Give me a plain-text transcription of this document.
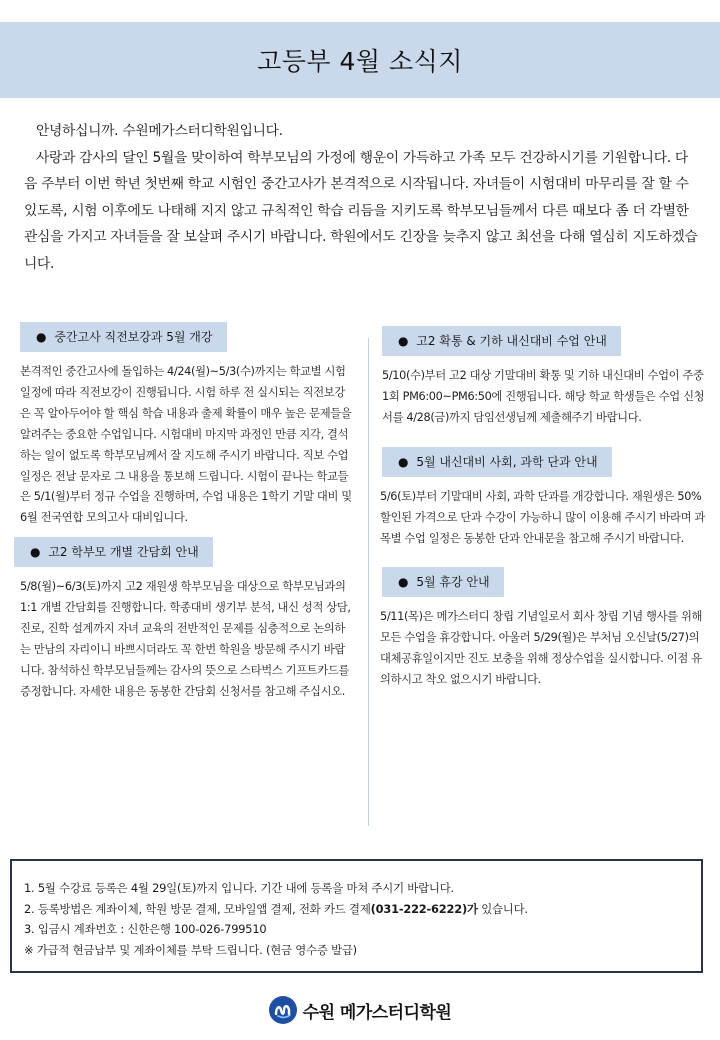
고등부 4월 소식지

안녕하십니까. 수원메가스터디학원입니다.

사랑과 감사의 달인 5월을 맞이하여 학부모님의 가정에 행운이 가득하고 가족 모두 건강하시기를 기원합니다. 다음 주부터 이번 학년 첫번째 학교 시험인 중간고사가 본격적으로 시작됩니다. 자녀들이 시험대비 마무리를 잘 할 수 있도록, 시험 이후에도 나태해 지지 않고 규칙적인 학습 리듬을 지키도록 학부모님들께서 다른 때보다 좀 더 각별한 관심을 가지고 자녀들을 잘 보살펴 주시기 바랍니다. 학원에서도 긴장을 늦추지 않고 최선을 다해 열심히 지도하겠습니다.

● 중간고사 직전보강과 5월 개강

본격적인 중간고사에 돌입하는 4/24(월)~5/3(수)까지는 학교별 시험일정에 따라 직전보강이 진행됩니다. 시험 하루 전 실시되는 직전보강은 꼭 알아두어야 할 핵심 학습 내용과 출제 확률이 매우 높은 문제들을 알려주는 중요한 수업입니다. 시험대비 마지막 과정인 만큼 지각, 결석하는 일이 없도록 학부모님께서 잘 지도해 주시기 바랍니다. 직보 수업 일정은 전날 문자로 그 내용을 통보해 드립니다. 시험이 끝나는 학교들은 5/1(월)부터 정규 수업을 진행하며, 수업 내용은 1학기 기말 대비 및 6월 전국연합 모의고사 대비입니다.

● 고2 학부모 개별 간담회 안내

5/8(월)~6/3(토)까지 고2 재원생 학부모님을 대상으로 학부모님과의 1:1 개별 간담회를 진행합니다. 학종대비 생기부 분석, 내신 성적 상담, 진로, 진학 설계까지 자녀 교육의 전반적인 문제를 심층적으로 논의하는 만남의 자리이니 바쁘시더라도 꼭 한번 학원을 방문해 주시기 바랍니다. 참석하신 학부모님들께는 감사의 뜻으로 스타벅스 기프트카드를 증정합니다. 자세한 내용은 동봉한 간담회 신청서를 참고해 주십시오.

● 고2 확통 & 기하 내신대비 수업 안내

5/10(수)부터 고2 대상 기말대비 확통 및 기하 내신대비 수업이 주중 1회 PM6:00~PM6:50에 진행됩니다. 해당 학교 학생들은 수업 신청서를 4/28(금)까지 담임선생님께 제출해주기 바랍니다.

● 5월 내신대비 사회, 과학 단과 안내

5/6(토)부터 기말대비 사회, 과학 단과를 개강합니다. 재원생은 50% 할인된 가격으로 단과 수강이 가능하니 많이 이용해 주시기 바라며 과목별 수업 일정은 동봉한 단과 안내문을 참고해 주시기 바랍니다.

● 5월 휴강 안내

5/11(목)은 메가스터디 창립 기념일로서 회사 창립 기념 행사를 위해 모든 수업을 휴강합니다. 아울러 5/29(월)은 부처님 오신날(5/27)의 대체공휴일이지만 진도 보충을 위해 정상수업을 실시합니다. 이점 유의하시고 착오 없으시기 바랍니다.

1. 5월 수강료 등록은 4월 29일(토)까지 입니다. 기간 내에 등록을 마쳐 주시기 바랍니다.

2. 등록방법은 계좌이체, 학원 방문 결제, 모바일앱 결제, 전화 카드 결제(031-222-6222)가 있습니다.

3. 입금시 계좌번호 : 신한은행 100-026-799510

※ 가급적 현금납부 및 계좌이체를 부탁 드립니다. (현금 영수증 발급)

수원 메가스터디학원
